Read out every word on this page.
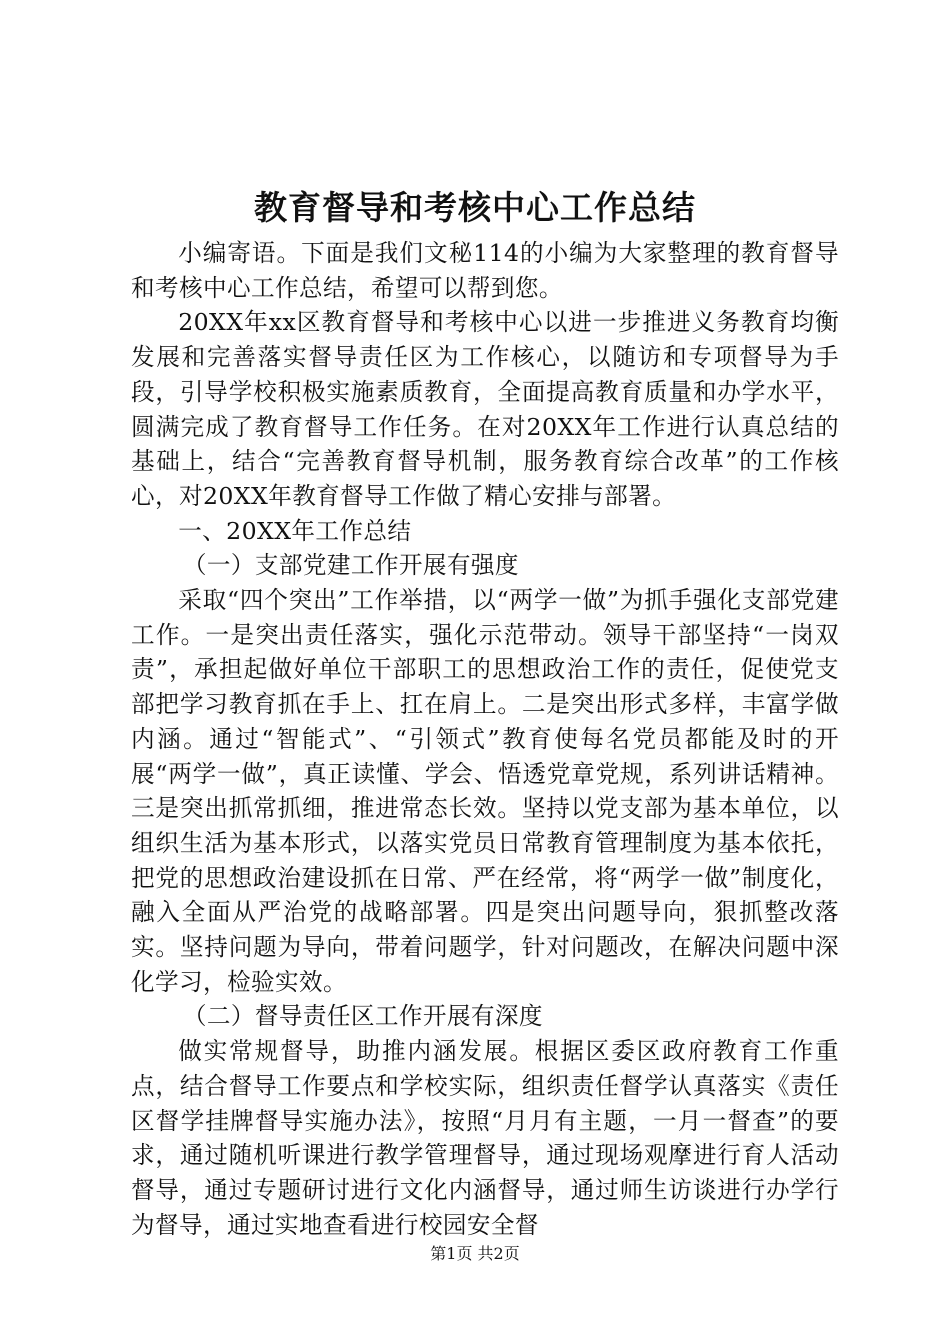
教育督导和考核中心工作总结

小编寄语。下面是我们文秘114的小编为大家整理的教育督导和考核中心工作总结，希望可以帮到您。

20XX年xx区教育督导和考核中心以进一步推进义务教育均衡发展和完善落实督导责任区为工作核心，以随访和专项督导为手段，引导学校积极实施素质教育，全面提高教育质量和办学水平，圆满完成了教育督导工作任务。在对20XX年工作进行认真总结的基础上，结合“完善教育督导机制，服务教育综合改革”的工作核心，对20XX年教育督导工作做了精心安排与部署。

一、20XX年工作总结

（一）支部党建工作开展有强度

采取“四个突出”工作举措，以“两学一做”为抓手强化支部党建工作。一是突出责任落实，强化示范带动。领导干部坚持“一岗双责”，承担起做好单位干部职工的思想政治工作的责任，促使党支部把学习教育抓在手上、扛在肩上。二是突出形式多样，丰富学做内涵。通过“智能式”、“引领式”教育使每名党员都能及时的开展“两学一做”，真正读懂、学会、悟透党章党规，系列讲话精神。三是突出抓常抓细，推进常态长效。坚持以党支部为基本单位，以组织生活为基本形式，以落实党员日常教育管理制度为基本依托，把党的思想政治建设抓在日常、严在经常，将“两学一做”制度化，融入全面从严治党的战略部署。四是突出问题导向，狠抓整改落实。坚持问题为导向，带着问题学，针对问题改，在解决问题中深化学习，检验实效。

（二）督导责任区工作开展有深度

做实常规督导，助推内涵发展。根据区委区政府教育工作重点，结合督导工作要点和学校实际，组织责任督学认真落实《责任区督学挂牌督导实施办法》，按照“月月有主题，一月一督查”的要求，通过随机听课进行教学管理督导，通过现场观摩进行育人活动督导，通过专题研讨进行文化内涵督导，通过师生访谈进行办学行为督导，通过实地查看进行校园安全督

第1页 共2页
